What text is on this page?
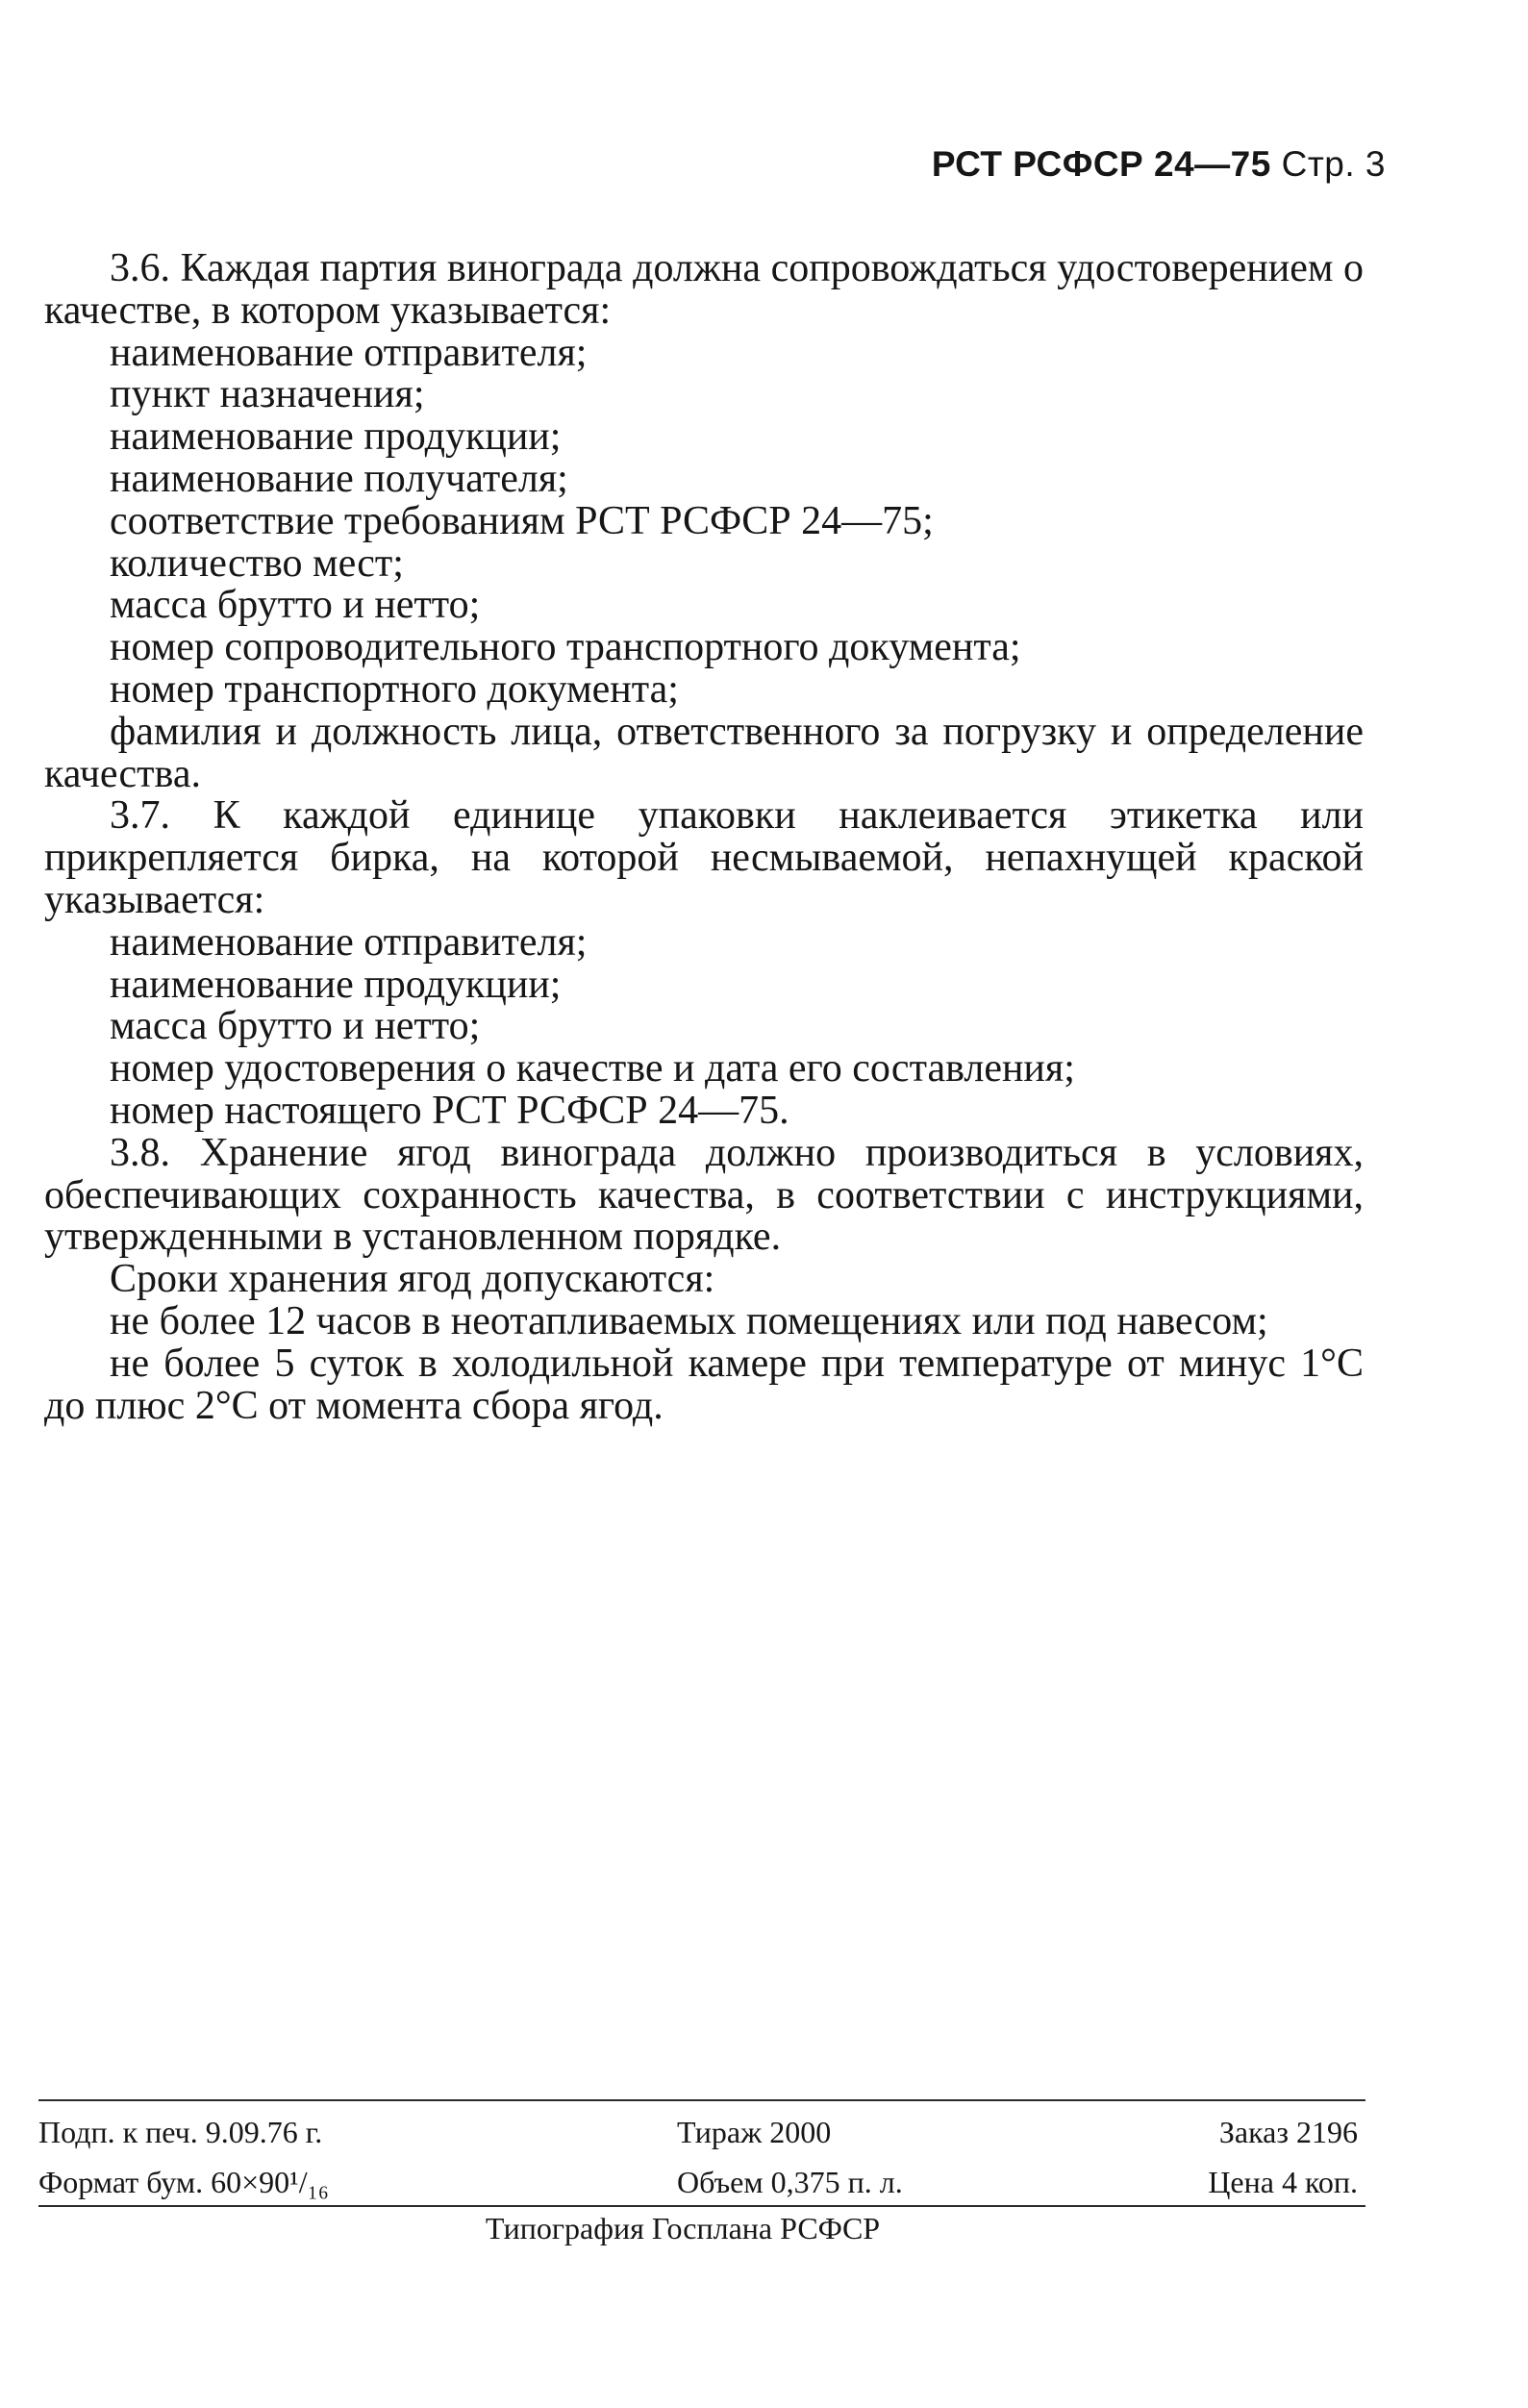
РСТ РСФСР 24—75 Стр. 3

3.6. Каждая партия винограда должна сопровождаться удостоверением о качестве, в котором указывается:

наименование отправителя;

пункт назначения;

наименование продукции;

наименование получателя;

соответствие требованиям РСТ РСФСР 24—75;

количество мест;

масса брутто и нетто;

номер сопроводительного транспортного документа;

номер транспортного документа;

фамилия и должность лица, ответственного за погрузку и определение качества.

3.7. К каждой единице упаковки наклеивается этикетка или прикрепляется бирка, на которой несмываемой, непахнущей краской указывается:

наименование отправителя;

наименование продукции;

масса брутто и нетто;

номер удостоверения о качестве и дата его составления;

номер настоящего РСТ РСФСР 24—75.

3.8. Хранение ягод винограда должно производиться в условиях, обеспечивающих сохранность качества, в соответствии с инструкциями, утвержденными в установленном порядке.

Сроки хранения ягод допускаются:

не более 12 часов в неотапливаемых помещениях или под навесом;

не более 5 суток в холодильной камере при температуре от минус 1°С до плюс 2°С от момента сбора ягод.

Подп. к печ. 9.09.76 г.	Тираж 2000	Заказ 2196
Формат бум. 60×90¹/₁₆	Объем 0,375 п. л.	Цена 4 коп.
Типография Госплана РСФСР
